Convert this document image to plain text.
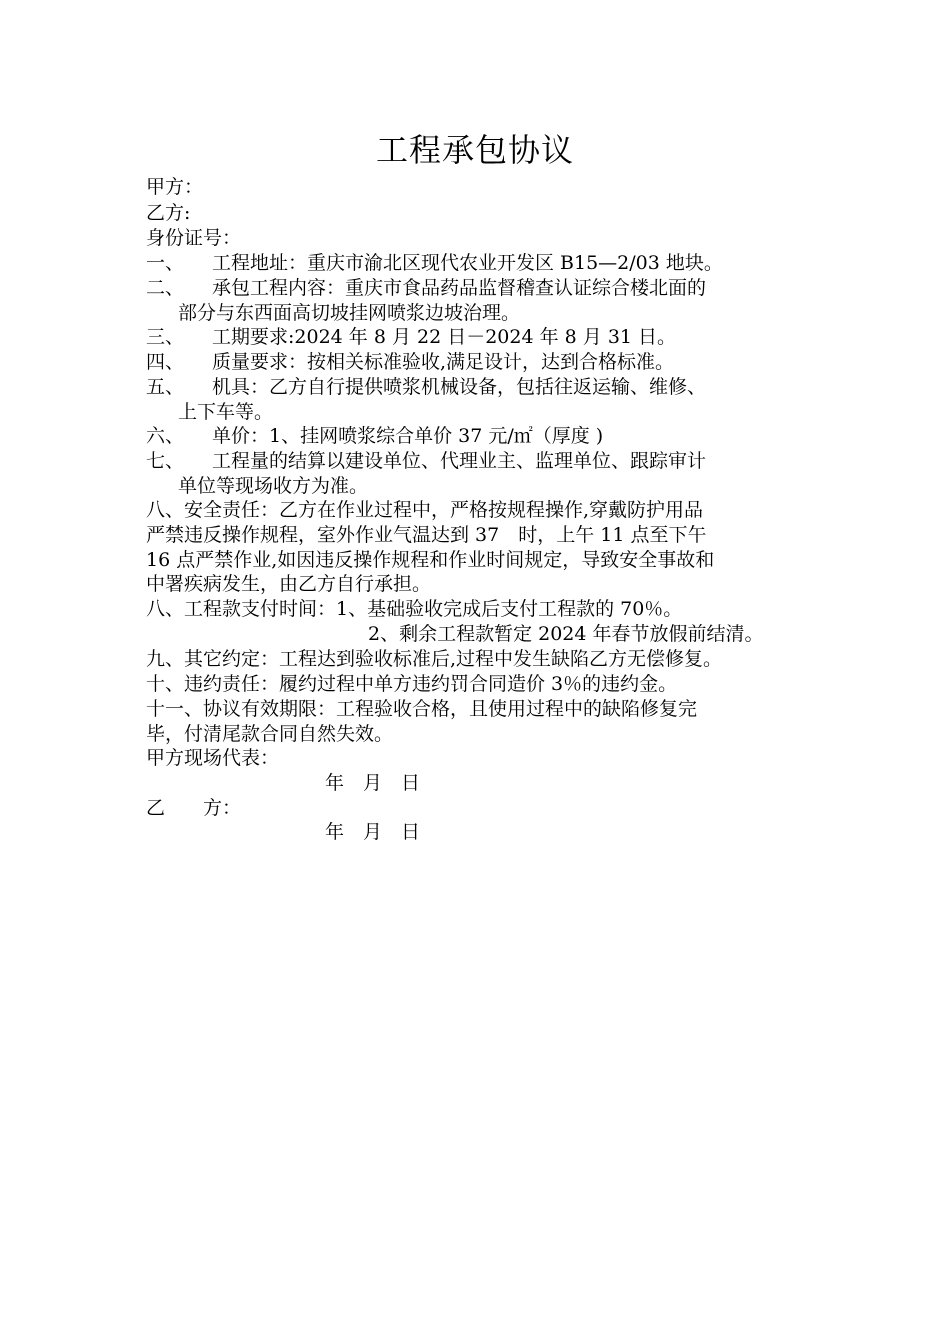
工程承包协议
甲方：
乙方:
身份证号：
一、 工程地址：重庆市渝北区现代农业开发区 B15—2/03 地块。
二、 承包工程内容：重庆市食品药品监督稽查认证综合楼北面的
部分与东西面高切坡挂网喷浆边坡治理。
三、 工期要求:2024 年 8 月 22 日－2024 年 8 月 31 日。
四、 质量要求：按相关标准验收,满足设计，达到合格标准。
五、 机具：乙方自行提供喷浆机械设备，包括往返运输、维修、
上下车等。
六、 单价：1、挂网喷浆综合单价 37 元/㎡（厚度 )
七、 工程量的结算以建设单位、代理业主、监理单位、跟踪审计
单位等现场收方为准。
八、安全责任：乙方在作业过程中，严格按规程操作,穿戴防护用品
严禁违反操作规程，室外作业气温达到 37　时，上午 11 点至下午
16 点严禁作业,如因违反操作规程和作业时间规定，导致安全事故和
中署疾病发生，由乙方自行承担。
八、工程款支付时间：1、基础验收完成后支付工程款的 70％。
2、剩余工程款暂定 2024 年春节放假前结清。
九、其它约定：工程达到验收标准后,过程中发生缺陷乙方无偿修复。
十、违约责任：履约过程中单方违约罚合同造价 3％的违约金。
十一、协议有效期限：工程验收合格，且使用过程中的缺陷修复完
毕，付清尾款合同自然失效。
甲方现场代表：
年　月　日
乙　　方：
年　月　日
